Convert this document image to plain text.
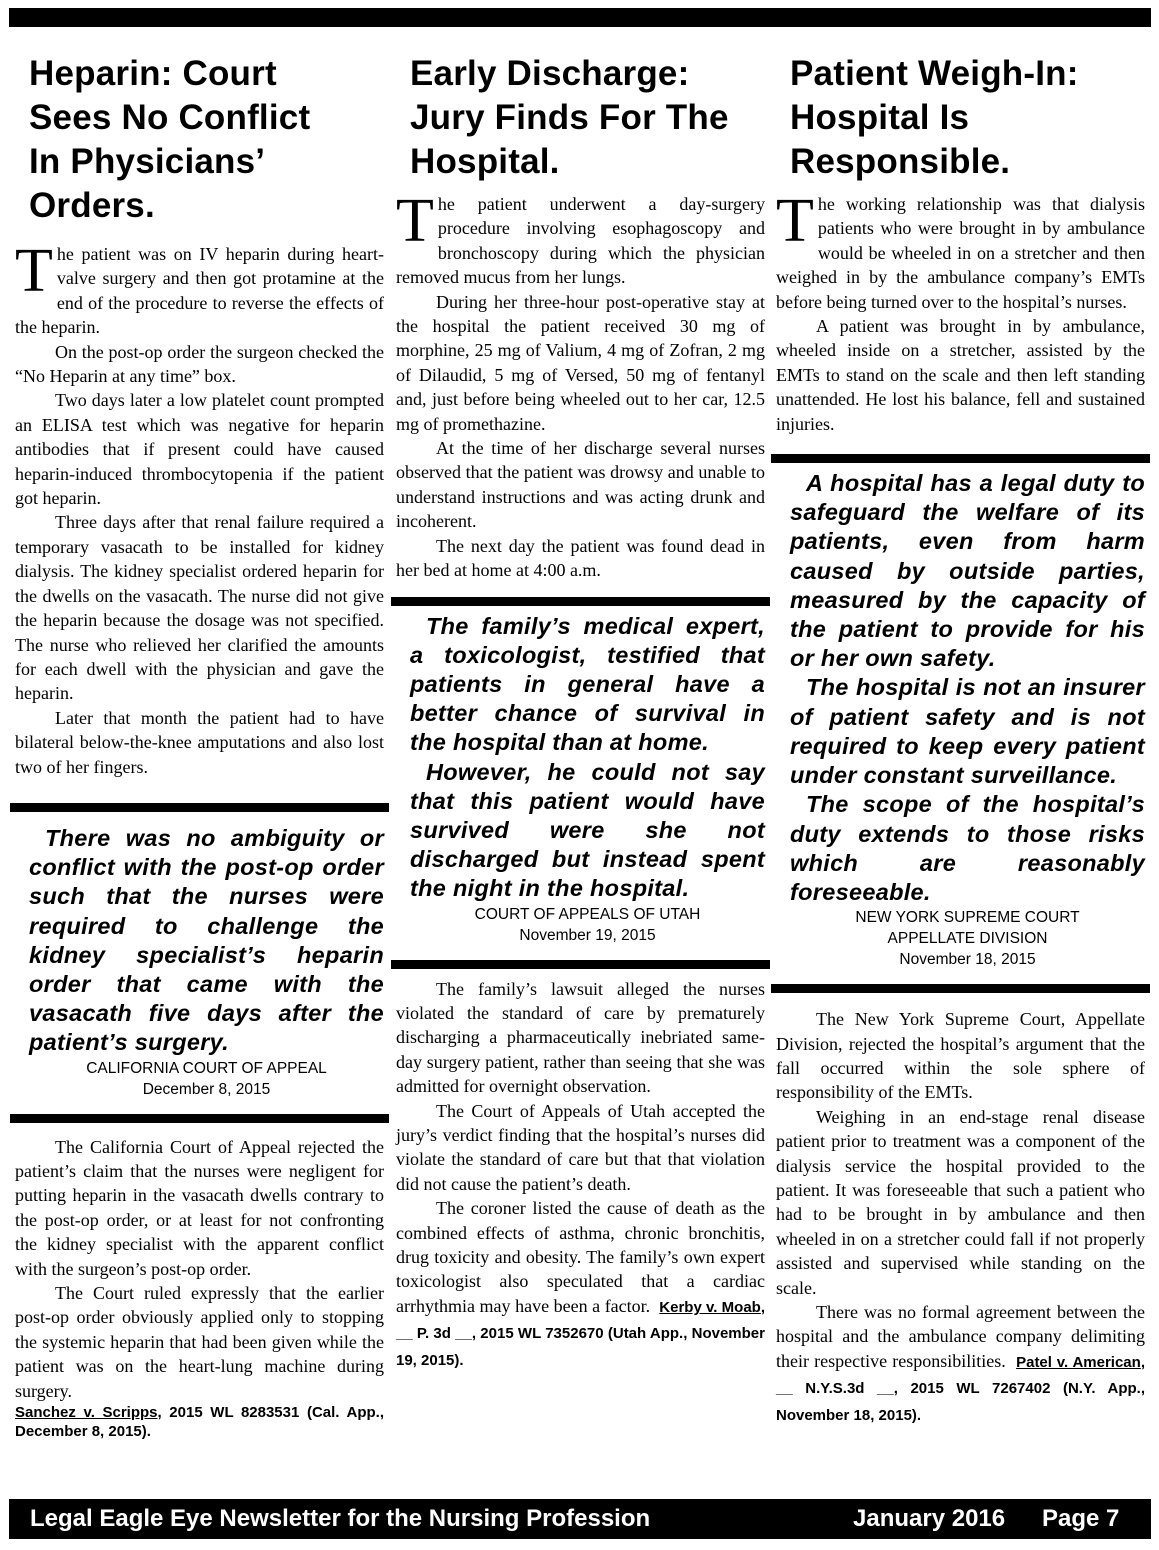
Heparin: Court
Sees No Conflict
In Physicians’
Orders.

The patient was on IV heparin during heart-valve surgery and then got protamine at the end of the procedure to reverse the effects of the heparin.

On the post-op order the surgeon checked the “No Heparin at any time” box.

Two days later a low platelet count prompted an ELISA test which was negative for heparin antibodies that if present could have caused heparin-induced thrombocytopenia if the patient got heparin.

Three days after that renal failure required a temporary vasacath to be installed for kidney dialysis. The kidney specialist ordered heparin for the dwells on the vasacath. The nurse did not give the heparin because the dosage was not specified. The nurse who relieved her clarified the amounts for each dwell with the physician and gave the heparin.

Later that month the patient had to have bilateral below-the-knee amputations and also lost two of her fingers.

There was no ambiguity or conflict with the post-op order such that the nurses were required to challenge the kidney specialist’s heparin order that came with the vasacath five days after the patient’s surgery.

CALIFORNIA COURT OF APPEAL
December 8, 2015

The California Court of Appeal rejected the patient’s claim that the nurses were negligent for putting heparin in the vasacath dwells contrary to the post-op order, or at least for not confronting the kidney specialist with the apparent conflict with the surgeon’s post-op order.

The Court ruled expressly that the earlier post-op order obviously applied only to stopping the systemic heparin that had been given while the patient was on the heart-lung machine during surgery.

Sanchez v. Scripps, 2015 WL 8283531 (Cal. App., December 8, 2015).
Early Discharge:
Jury Finds For The
Hospital.

The patient underwent a day-surgery procedure involving esophagoscopy and bronchoscopy during which the physician removed mucus from her lungs.

During her three-hour post-operative stay at the hospital the patient received 30 mg of morphine, 25 mg of Valium, 4 mg of Zofran, 2 mg of Dilaudid, 5 mg of Versed, 50 mg of fentanyl and, just before being wheeled out to her car, 12.5 mg of promethazine.

At the time of her discharge several nurses observed that the patient was drowsy and unable to understand instructions and was acting drunk and incoherent.

The next day the patient was found dead in her bed at home at 4:00 a.m.

The family’s medical expert, a toxicologist, testified that patients in general have a better chance of survival in the hospital than at home.

However, he could not say that this patient would have survived were she not discharged but instead spent the night in the hospital.

COURT OF APPEALS OF UTAH
November 19, 2015

The family’s lawsuit alleged the nurses violated the standard of care by prematurely discharging a pharmaceutically inebriated same-day surgery patient, rather than seeing that she was admitted for overnight observation.

The Court of Appeals of Utah accepted the jury’s verdict finding that the hospital’s nurses did violate the standard of care but that that violation did not cause the patient’s death.

The coroner listed the cause of death as the combined effects of asthma, chronic bronchitis, drug toxicity and obesity. The family’s own expert toxicologist also speculated that a cardiac arrhythmia may have been a factor. Kerby v. Moab, __ P. 3d __, 2015 WL 7352670 (Utah App., November 19, 2015).

Patient Weigh-In:
Hospital Is
Responsible.

The working relationship was that dialysis patients who were brought in by ambulance would be wheeled in on a stretcher and then weighed in by the ambulance company’s EMTs before being turned over to the hospital’s nurses.

A patient was brought in by ambulance, wheeled inside on a stretcher, assisted by the EMTs to stand on the scale and then left standing unattended. He lost his balance, fell and sustained injuries.

A hospital has a legal duty to safeguard the welfare of its patients, even from harm caused by outside parties, measured by the capacity of the patient to provide for his or her own safety.

The hospital is not an insurer of patient safety and is not required to keep every patient under constant surveillance.

The scope of the hospital’s duty extends to those risks which are reasonably foreseeable.

NEW YORK SUPREME COURT
APPELLATE DIVISION
November 18, 2015

The New York Supreme Court, Appellate Division, rejected the hospital’s argument that the fall occurred within the sole sphere of responsibility of the EMTs.

Weighing in an end-stage renal disease patient prior to treatment was a component of the dialysis service the hospital provided to the patient. It was foreseeable that such a patient who had to be brought in by ambulance and then wheeled in on a stretcher could fall if not properly assisted and supervised while standing on the scale.

There was no formal agreement between the hospital and the ambulance company delimiting their respective responsibilities. Patel v. American, __ N.Y.S.3d __, 2015 WL 7267402 (N.Y. App., November 18, 2015).

Legal Eagle Eye Newsletter for the Nursing Profession	January 2016 Page 7
